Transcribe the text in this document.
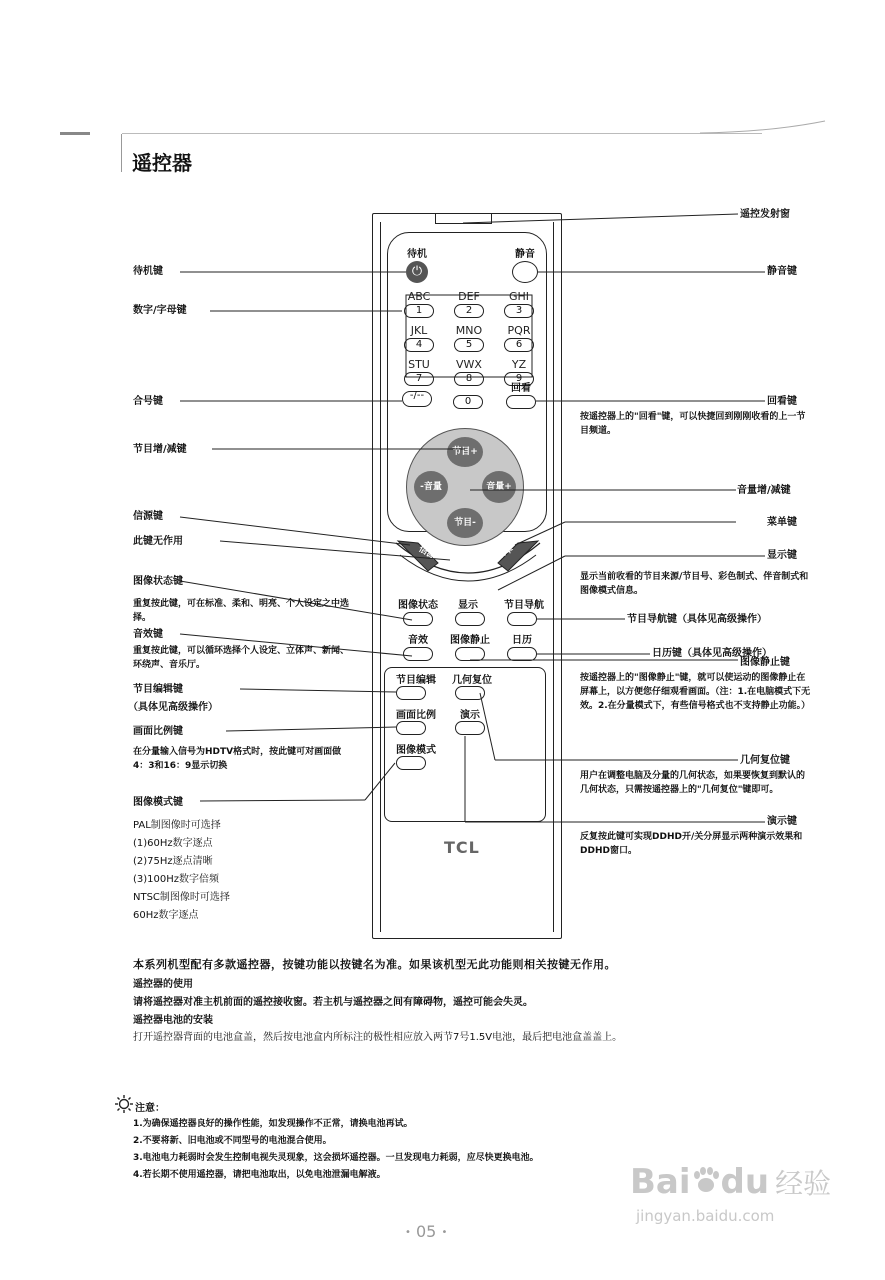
遥控器
待机
⏻
静音
ABC
1
DEF
2
GHI
3
JKL
4
MNO
5
PQR
6
STU
7
VWX
8
YZ
9
-/--
0
回看
节目+
节目-
-音量	音量+
信源	菜单
图像状态	显示	节目导航
音效	图像静止	日历
节目编辑	几何复位
画面比例	演示
图像模式
TCL
待机键
数字/字母键
合号键
节目增/减键
信源键
此键无作用
图像状态键
重复按此键，可在标准、柔和、明亮、个人设定之中选择。
音效键
重复按此键，可以循环选择个人设定、立体声、新闻、环绕声、音乐厅。
节目编辑键
（具体见高级操作）
画面比例键
在分量输入信号为HDTV格式时，按此键可对画面做4：3和16：9显示切换
图像模式键
PAL制图像时可选择
(1)60Hz数字逐点
(2)75Hz逐点清晰
(3)100Hz数字倍频
NTSC制图像时可选择
60Hz数字逐点
遥控发射窗
静音键
回看键
按遥控器上的"回看"键，可以快捷回到刚刚收看的上一节目频道。
音量增/减键
菜单键
显示键
显示当前收看的节目来源/节目号、彩色制式、伴音制式和图像模式信息。
节目导航键（具体见高级操作）
日历键（具体见高级操作）
图像静止键
按遥控器上的"图像静止"键，就可以使运动的图像静止在屏幕上，以方便您仔细观看画面。（注：1.在电脑模式下无效。2.在分量模式下，有些信号格式也不支持静止功能。）
几何复位键
用户在调整电脑及分量的几何状态，如果要恢复到默认的几何状态，只需按遥控器上的"几何复位"键即可。
演示键
反复按此键可实现DDHD开/关分屏显示两种演示效果和DDHD窗口。
本系列机型配有多款遥控器，按键功能以按键名为准。如果该机型无此功能则相关按键无作用。
遥控器的使用
请将遥控器对准主机前面的遥控接收窗。若主机与遥控器之间有障碍物，遥控可能会失灵。
遥控器电池的安装
打开遥控器背面的电池盒盖，然后按电池盒内所标注的极性相应放入两节7号1.5V电池，最后把电池盒盖盖上。
注意：
1.为确保遥控器良好的操作性能，如发现操作不正常，请换电池再试。
2.不要将新、旧电池或不同型号的电池混合使用。
3.电池电力耗弱时会发生控制电视失灵现象，这会损坏遥控器。一旦发现电力耗弱，应尽快更换电池。
4.若长期不使用遥控器，请把电池取出，以免电池泄漏电解液。
• 05 •
Bai du 经验
jingyan.baidu.com
